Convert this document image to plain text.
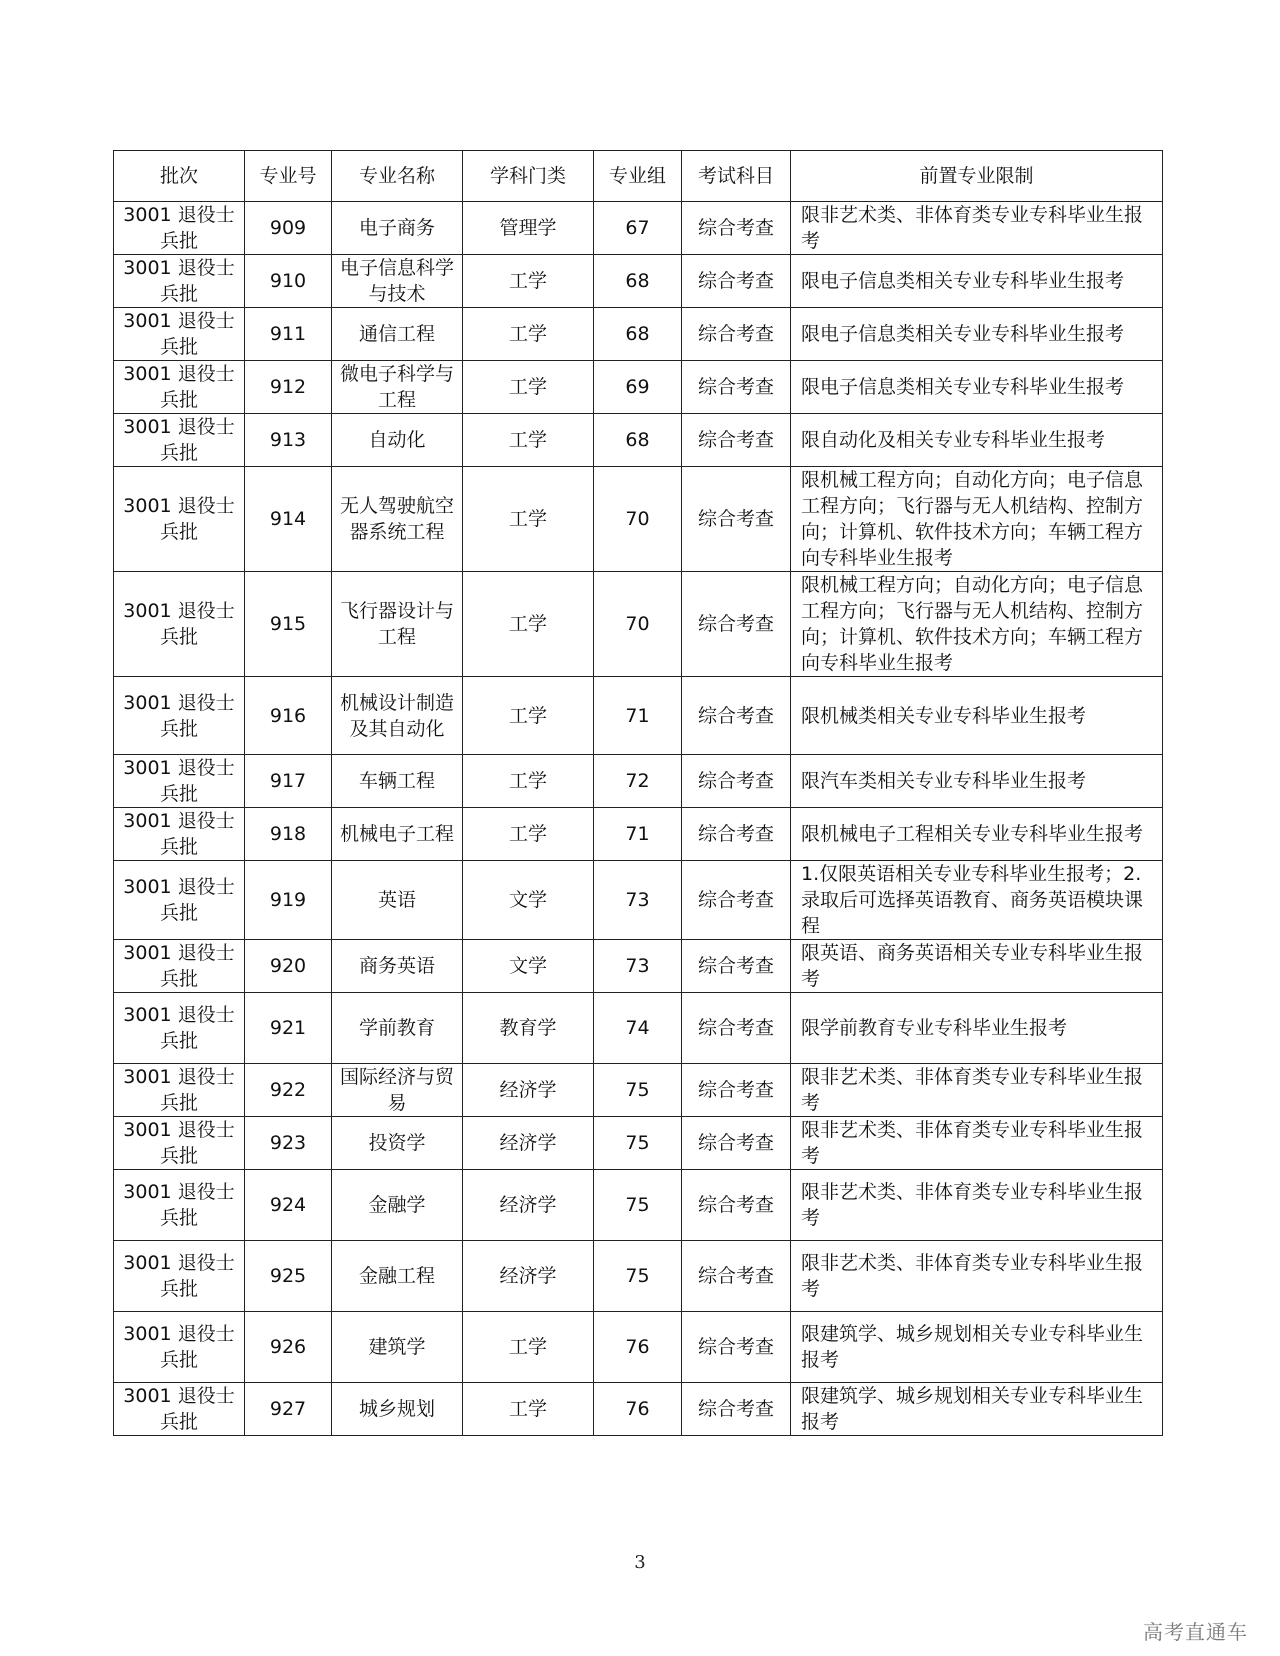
批次	专业号	专业名称	学科门类	专业组	考试科目	前置专业限制
3001 退役士兵批	909	电子商务	管理学	67	综合考查	限非艺术类、非体育类专业专科毕业生报考
3001 退役士兵批	910	电子信息科学与技术	工学	68	综合考查	限电子信息类相关专业专科毕业生报考
3001 退役士兵批	911	通信工程	工学	68	综合考查	限电子信息类相关专业专科毕业生报考
3001 退役士兵批	912	微电子科学与工程	工学	69	综合考查	限电子信息类相关专业专科毕业生报考
3001 退役士兵批	913	自动化	工学	68	综合考查	限自动化及相关专业专科毕业生报考
3001 退役士兵批	914	无人驾驶航空器系统工程	工学	70	综合考查	限机械工程方向；自动化方向；电子信息工程方向；飞行器与无人机结构、控制方向；计算机、软件技术方向；车辆工程方向专科毕业生报考
3001 退役士兵批	915	飞行器设计与工程	工学	70	综合考查	限机械工程方向；自动化方向；电子信息工程方向；飞行器与无人机结构、控制方向；计算机、软件技术方向；车辆工程方向专科毕业生报考
3001 退役士兵批	916	机械设计制造及其自动化	工学	71	综合考查	限机械类相关专业专科毕业生报考
3001 退役士兵批	917	车辆工程	工学	72	综合考查	限汽车类相关专业专科毕业生报考
3001 退役士兵批	918	机械电子工程	工学	71	综合考查	限机械电子工程相关专业专科毕业生报考
3001 退役士兵批	919	英语	文学	73	综合考查	1.仅限英语相关专业专科毕业生报考；2.录取后可选择英语教育、商务英语模块课程
3001 退役士兵批	920	商务英语	文学	73	综合考查	限英语、商务英语相关专业专科毕业生报考
3001 退役士兵批	921	学前教育	教育学	74	综合考查	限学前教育专业专科毕业生报考
3001 退役士兵批	922	国际经济与贸易	经济学	75	综合考查	限非艺术类、非体育类专业专科毕业生报考
3001 退役士兵批	923	投资学	经济学	75	综合考查	限非艺术类、非体育类专业专科毕业生报考
3001 退役士兵批	924	金融学	经济学	75	综合考查	限非艺术类、非体育类专业专科毕业生报考
3001 退役士兵批	925	金融工程	经济学	75	综合考查	限非艺术类、非体育类专业专科毕业生报考
3001 退役士兵批	926	建筑学	工学	76	综合考查	限建筑学、城乡规划相关专业专科毕业生报考
3001 退役士兵批	927	城乡规划	工学	76	综合考查	限建筑学、城乡规划相关专业专科毕业生报考
3
高考直通车
